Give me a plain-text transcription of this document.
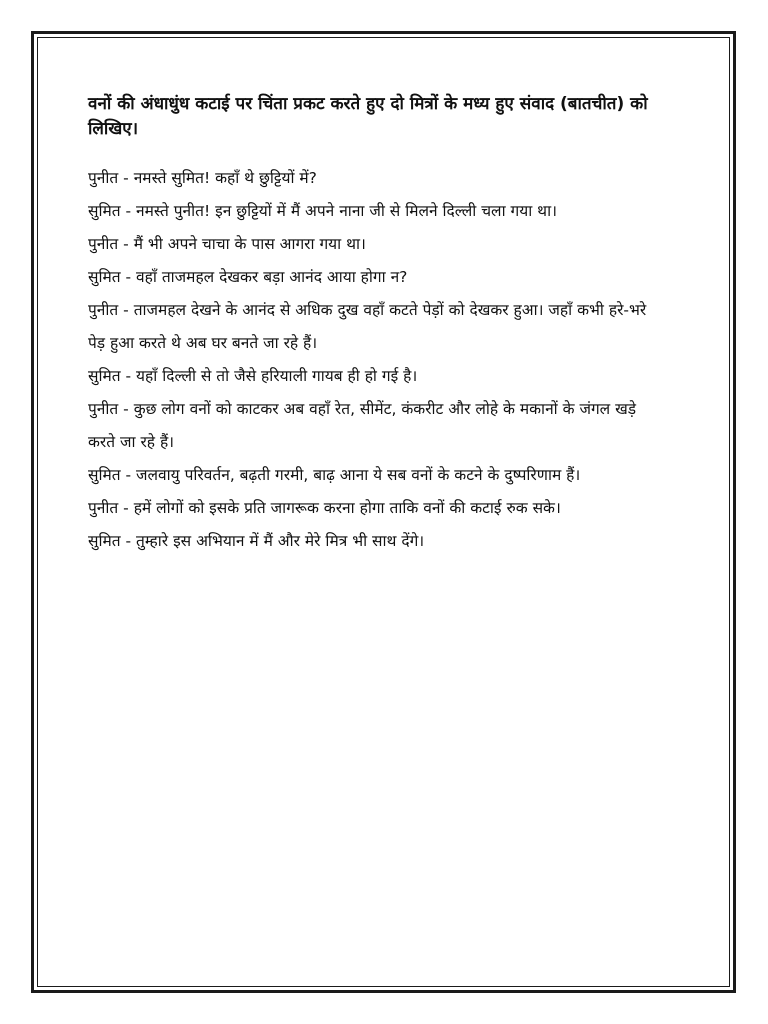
वनों की अंधाधुंध कटाई पर चिंता प्रकट करते हुए दो मित्रों के मध्य हुए संवाद (बातचीत) को लिखिए।

पुनीत - नमस्ते सुमित! कहाँ थे छुट्टियों में?

सुमित - नमस्ते पुनीत! इन छुट्टियों में मैं अपने नाना जी से मिलने दिल्ली चला गया था।

पुनीत - मैं भी अपने चाचा के पास आगरा गया था।

सुमित - वहाँ ताजमहल देखकर बड़ा आनंद आया होगा न?

पुनीत - ताजमहल देखने के आनंद से अधिक दुख वहाँ कटते पेड़ों को देखकर हुआ। जहाँ कभी हरे-भरे पेड़ हुआ करते थे अब घर बनते जा रहे हैं।

सुमित - यहाँ दिल्ली से तो जैसे हरियाली गायब ही हो गई है।

पुनीत - कुछ लोग वनों को काटकर अब वहाँ रेत, सीमेंट, कंकरीट और लोहे के मकानों के जंगल खड़े करते जा रहे हैं।

सुमित - जलवायु परिवर्तन, बढ़ती गरमी, बाढ़ आना ये सब वनों के कटने के दुष्परिणाम हैं।

पुनीत - हमें लोगों को इसके प्रति जागरूक करना होगा ताकि वनों की कटाई रुक सके।

सुमित - तुम्हारे इस अभियान में मैं और मेरे मित्र भी साथ देंगे।
